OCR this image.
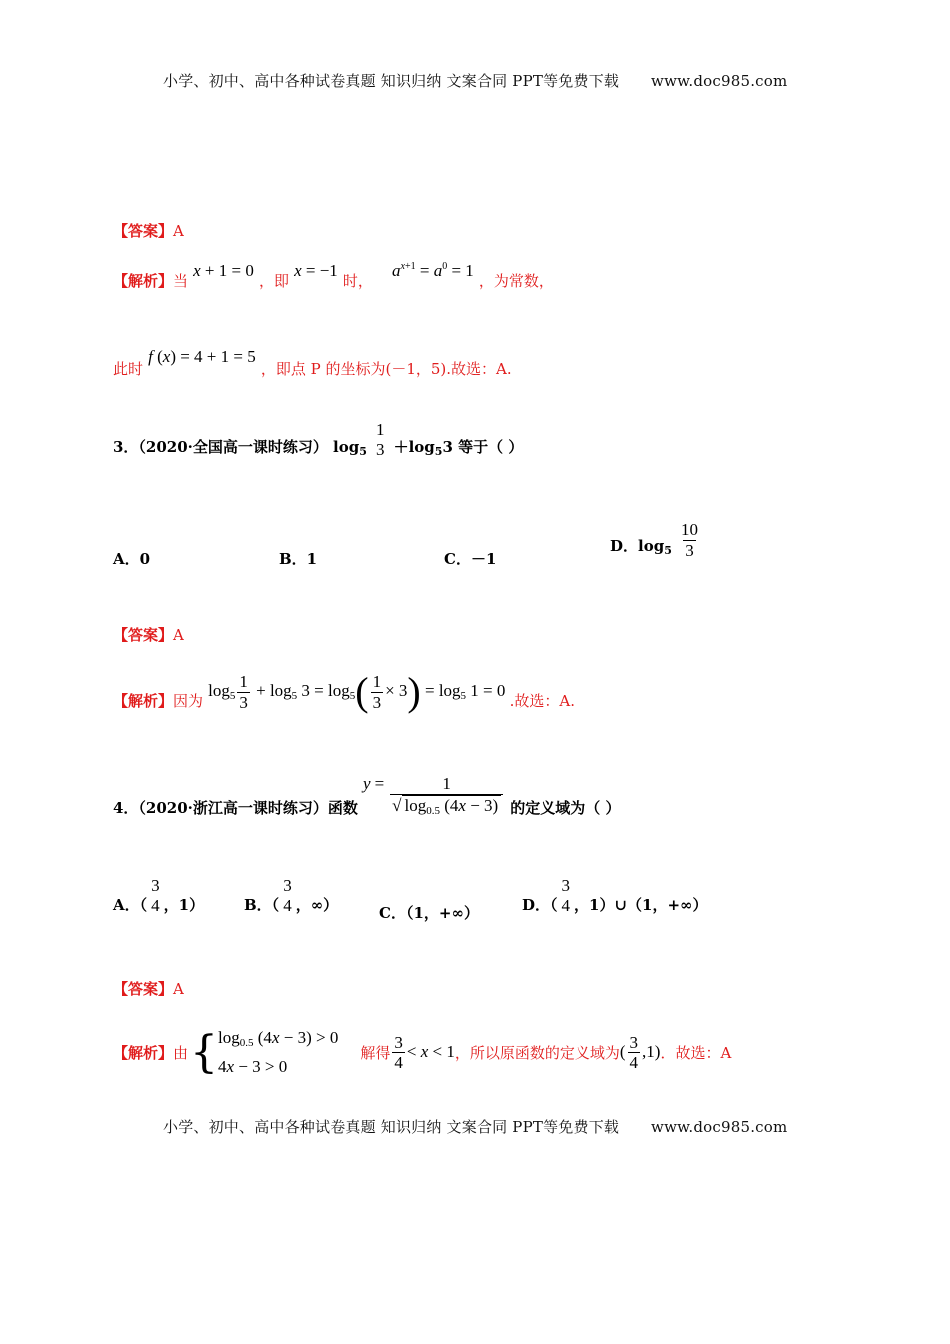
小学、初中、高中各种试卷真题 知识归纳 文案合同 PPT等免费下载 www.doc985.com
【答案】A
【解析】当 x + 1 = 0 ，即 x = −1 时， $a^{x+1} = a^0 = 1$ ，为常数，
此时 f (x) = 4 + 1 = 5 ，即点 P 的坐标为(－1，5).故选：A.
3．（2020·全国高一课时练习） $\log_5$
1
$3 +\log_53$ 等于（ ）
A．0	B．1	C．－1
D．$\log_5 \frac{10}{3}$
【答案】A
【解析】因为 $\log_5 \frac{1}{3} + \log_5 3 = \log_5( \frac{1}{3} \times 3) = \log_5 1 = 0$ .故选：A.
4．（2020·浙江高一课时练习）函数
$y = \frac{1}{√ \log_{0.5} (4x - 3)}$ 的定义域为（ ）
A．（
3
4 ，1）	B．（
3
4 ，∞）	C．（1，+∞）	D．（
3
4 ，1）∪（1，+∞）
【答案】A
【解析】 由 { $\log_{0.5} (4x - 3) > 0$
4x − 3 > 0
解得 $\frac{3}{4} < x < 1$ ，所以原函数的定义域为 ( $\frac{3}{4} ,1$) ．故选：A
小学、初中、高中各种试卷真题 知识归纳 文案合同 PPT等免费下载 www.doc985.com
